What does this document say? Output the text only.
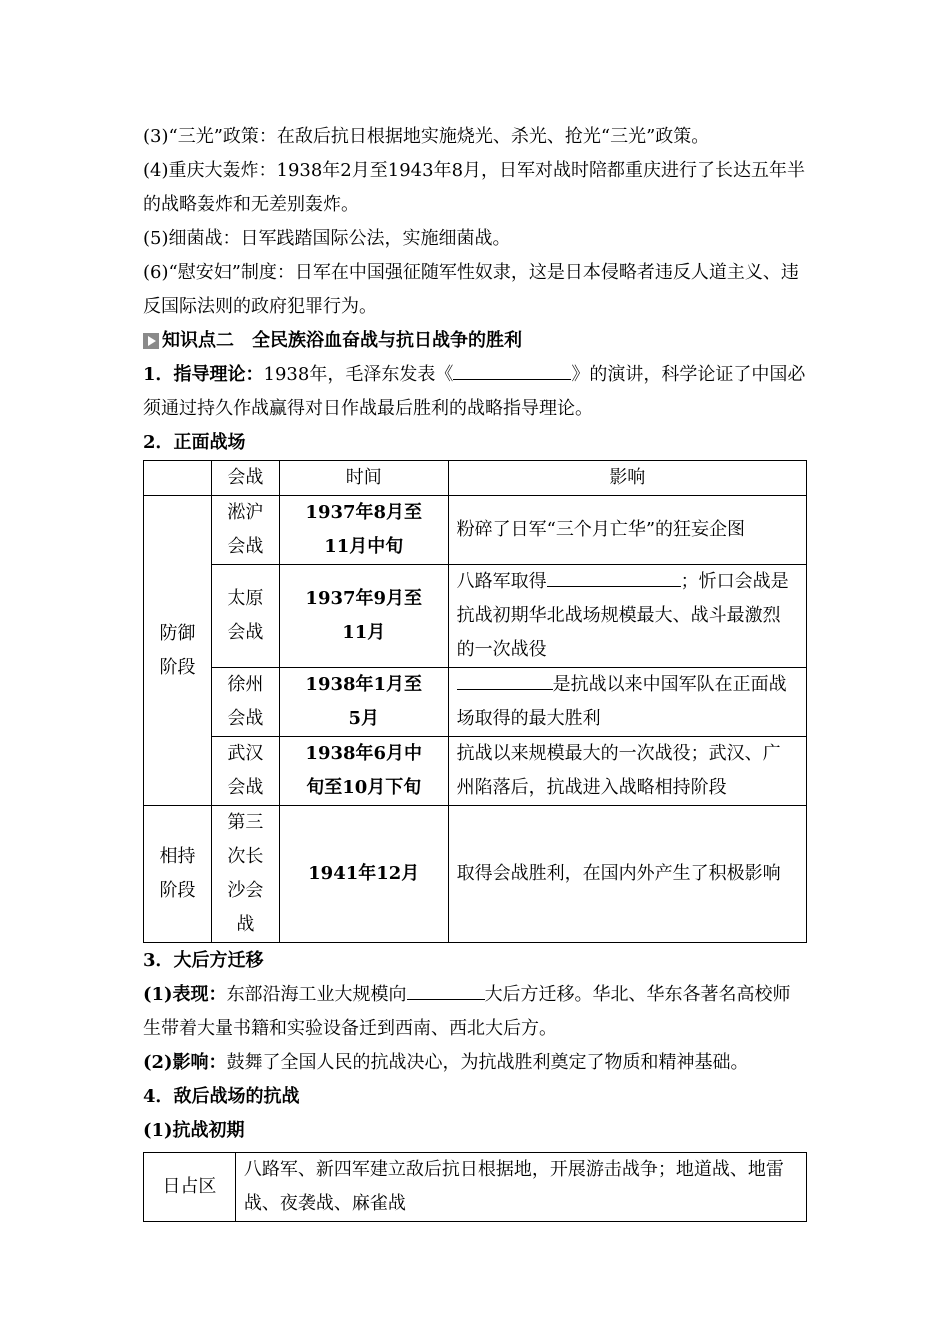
(3)“三光”政策：在敌后抗日根据地实施烧光、杀光、抢光“三光”政策。

(4)重庆大轰炸：1938年2月至1943年8月，日军对战时陪都重庆进行了长达五年半的战略轰炸和无差别轰炸。

(5)细菌战：日军践踏国际公法，实施细菌战。

(6)“慰安妇”制度：日军在中国强征随军性奴隶，这是日本侵略者违反人道主义、违反国际法则的政府犯罪行为。

知识点二　全民族浴血奋战与抗日战争的胜利

1．指导理论：1938年，毛泽东发表《	》的演讲，科学论证了中国必须通过持久作战赢得对日作战最后胜利的战略指导理论。

2．正面战场

	会战	时间	影响
防御阶段	淞沪会战	1937年8月至11月中旬	粉碎了日军“三个月亡华”的狂妄企图
	太原会战	1937年9月至11月	八路军取得 ；忻口会战是抗战初期华北战场规模最大、战斗最激烈的一次战役
	徐州会战	1938年1月至5月	是抗战以来中国军队在正面战场取得的最大胜利
	武汉会战	1938年6月中旬至10月下旬	抗战以来规模最大的一次战役；武汉、广州陷落后，抗战进入战略相持阶段
相持阶段	第三次长沙会战	1941年12月	取得会战胜利，在国内外产生了积极影响

3．大后方迁移

(1)表现：东部沿海工业大规模向	大后方迁移。华北、华东各著名高校师生带着大量书籍和实验设备迁到西南、西北大后方。

(2)影响：鼓舞了全国人民的抗战决心，为抗战胜利奠定了物质和精神基础。

4．敌后战场的抗战

(1)抗战初期

日占区	八路军、新四军建立敌后抗日根据地，开展游击战争；地道战、地雷战、夜袭战、麻雀战
